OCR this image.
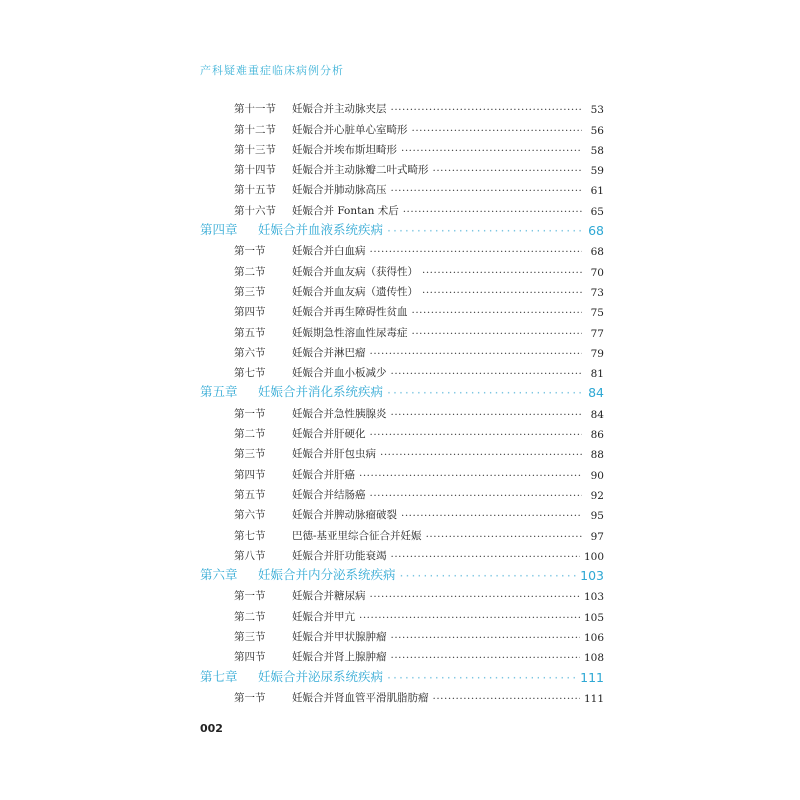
产科疑难重症临床病例分析
第十一节	妊娠合并主动脉夹层 ·····	53
第十二节	妊娠合并心脏单心室畸形 ·····	56
第十三节	妊娠合并埃布斯坦畸形 ·····	58
第十四节	妊娠合并主动脉瓣二叶式畸形 ·····	59
第十五节	妊娠合并肺动脉高压 ·····	61
第十六节	妊娠合并 Fontan 术后 ·····	65
第四章	妊娠合并血液系统疾病 ·····	68
第一节	妊娠合并白血病 ·····	68
第二节	妊娠合并血友病（获得性） ·····	70
第三节	妊娠合并血友病（遗传性） ·····	73
第四节	妊娠合并再生障碍性贫血 ·····	75
第五节	妊娠期急性溶血性尿毒症 ·····	77
第六节	妊娠合并淋巴瘤 ·····	79
第七节	妊娠合并血小板减少 ·····	81
第五章	妊娠合并消化系统疾病 ·····	84
第一节	妊娠合并急性胰腺炎 ·····	84
第二节	妊娠合并肝硬化 ·····	86
第三节	妊娠合并肝包虫病 ·····	88
第四节	妊娠合并肝癌 ·····	90
第五节	妊娠合并结肠癌 ·····	92
第六节	妊娠合并脾动脉瘤破裂 ·····	95
第七节	巴德-基亚里综合征合并妊娠 ·····	97
第八节	妊娠合并肝功能衰竭 ·····	100
第六章	妊娠合并内分泌系统疾病 ·····	103
第一节	妊娠合并糖尿病 ·····	103
第二节	妊娠合并甲亢 ·····	105
第三节	妊娠合并甲状腺肿瘤 ·····	106
第四节	妊娠合并肾上腺肿瘤 ·····	108
第七章	妊娠合并泌尿系统疾病 ·····	111
第一节	妊娠合并肾血管平滑肌脂肪瘤 ·····	111
002
